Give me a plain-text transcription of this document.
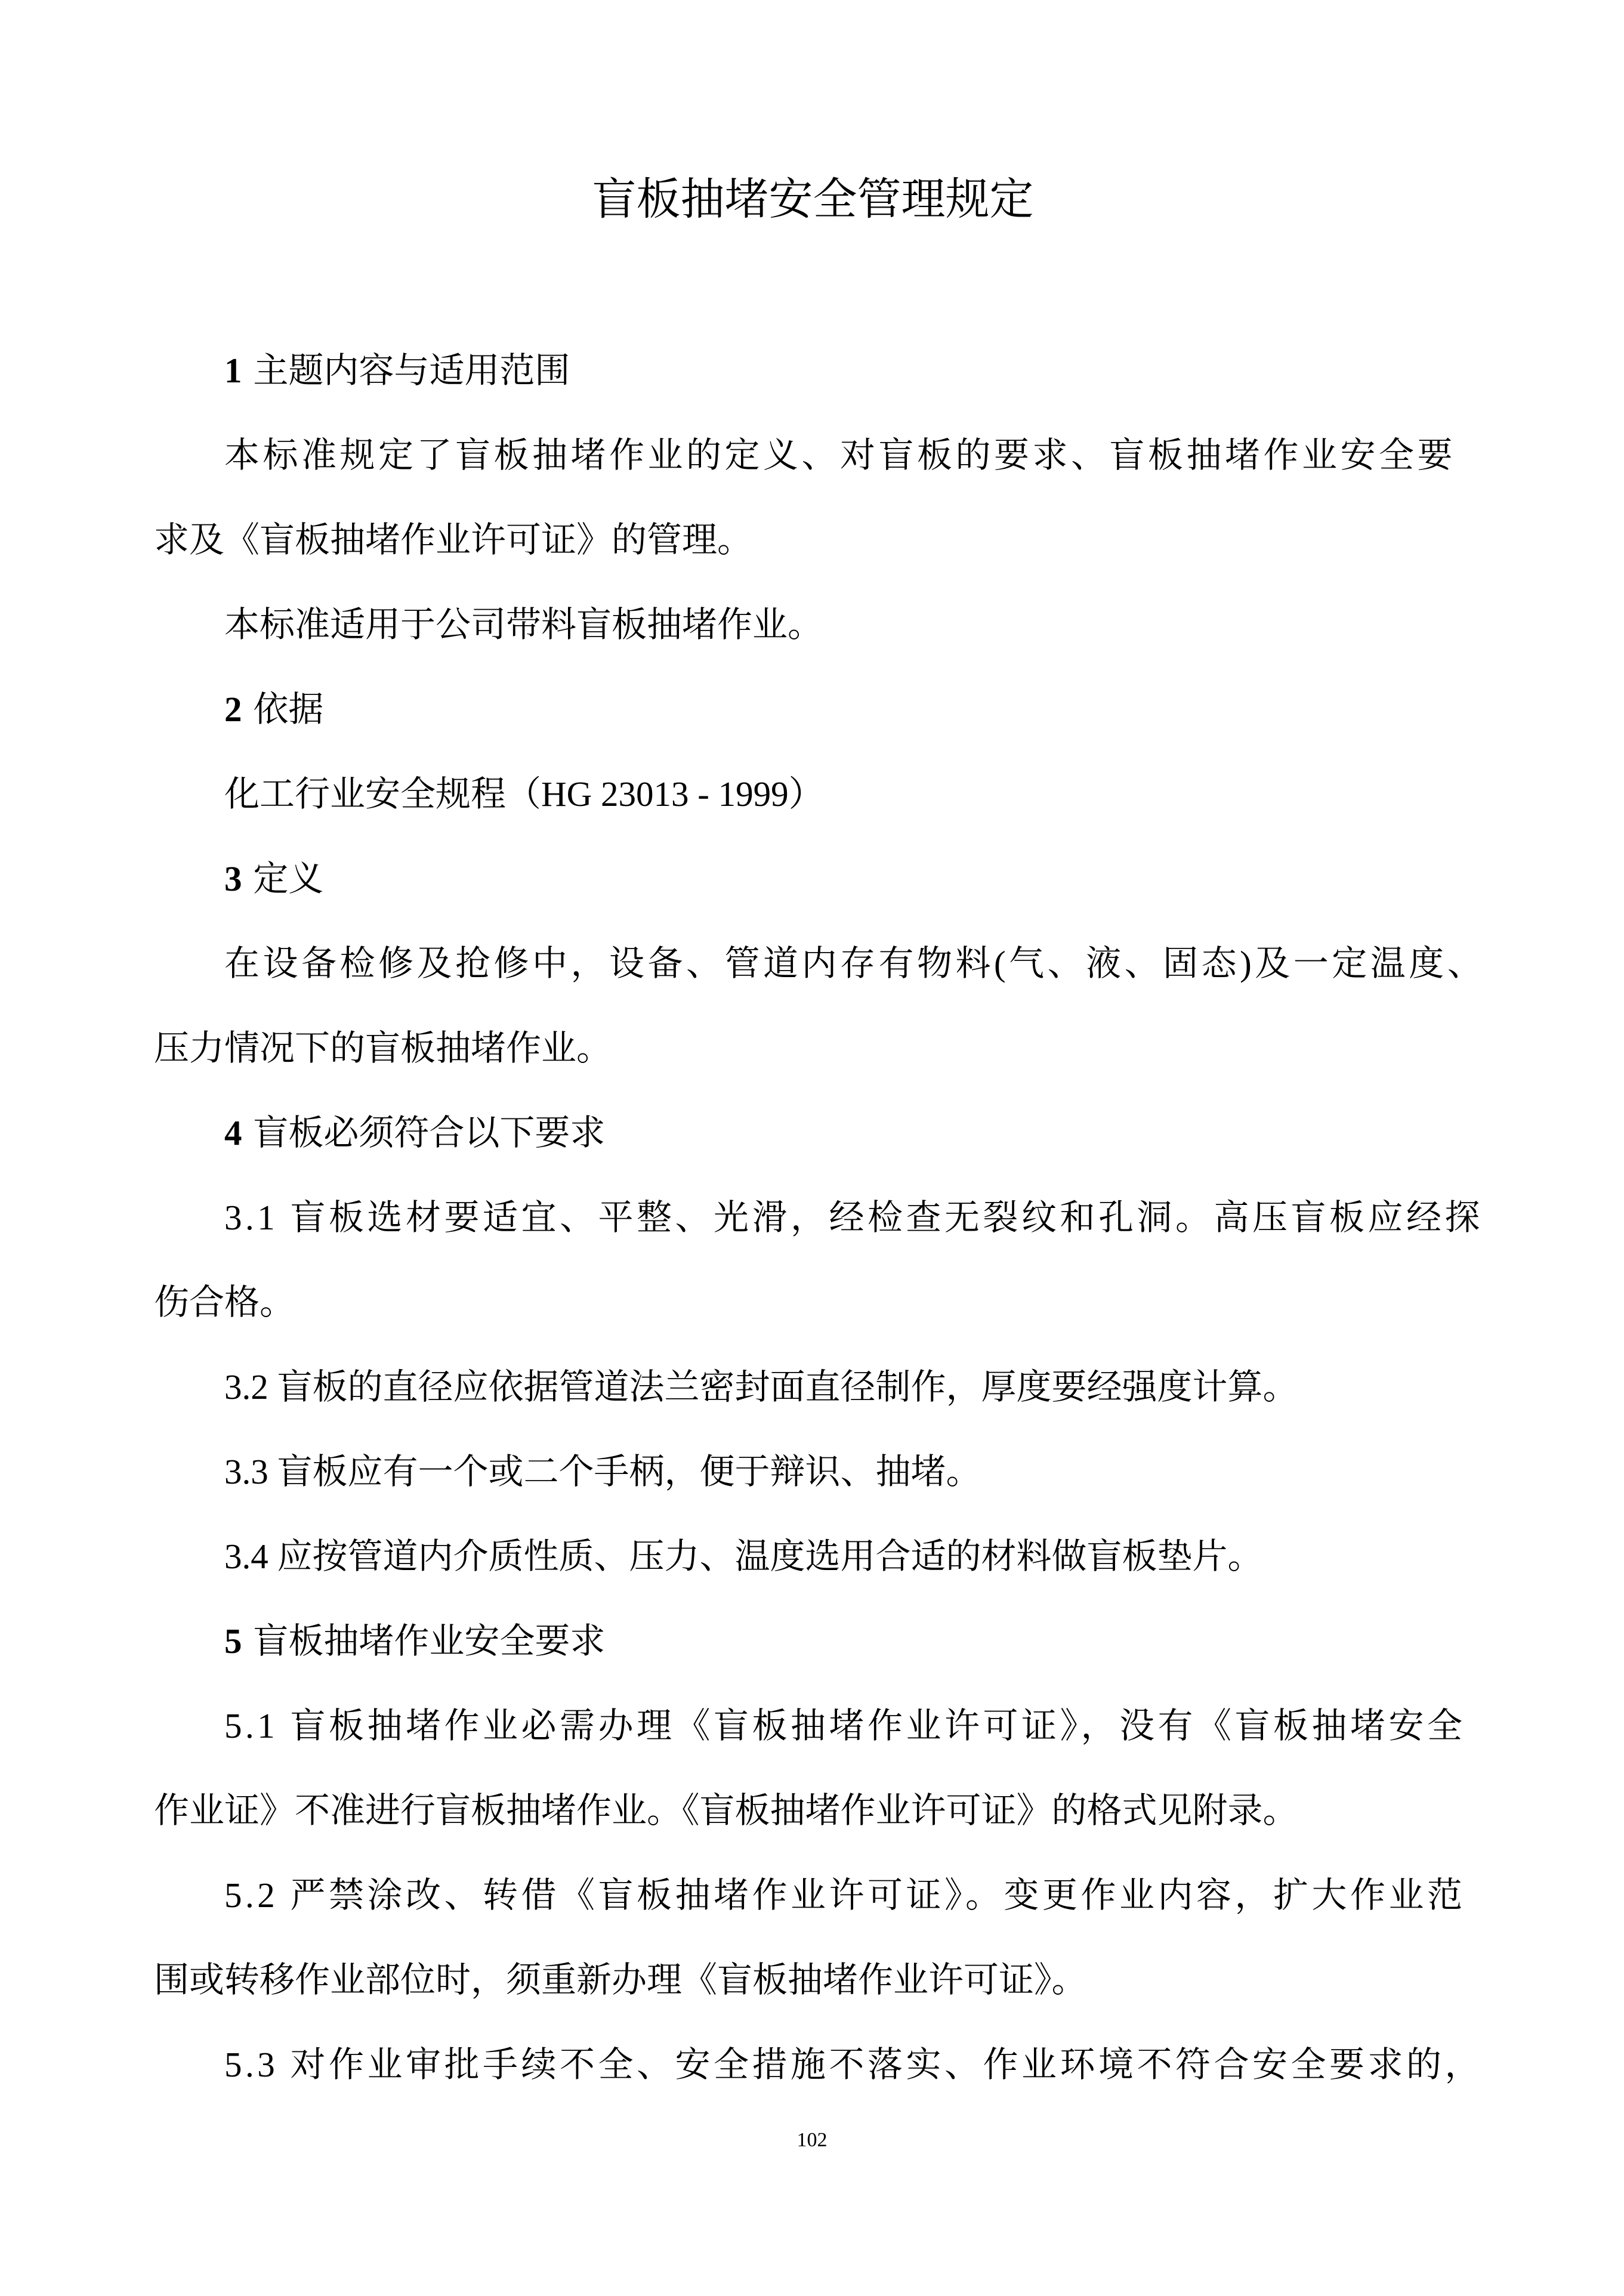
盲板抽堵安全管理规定
1 主题内容与适用范围
本标准规定了盲板抽堵作业的定义、对盲板的要求、盲板抽堵作业安全要
求及《盲板抽堵作业许可证》的管理。
本标准适用于公司带料盲板抽堵作业。
2 依据
化工行业安全规程（HG 23013 - 1999）
3 定义
在设备检修及抢修中，设备、管道内存有物料(气、液、固态)及一定温度、
压力情况下的盲板抽堵作业。
4 盲板必须符合以下要求
3.1 盲板选材要适宜、平整、光滑，经检查无裂纹和孔洞。高压盲板应经探
伤合格。
3.2 盲板的直径应依据管道法兰密封面直径制作，厚度要经强度计算。
3.3 盲板应有一个或二个手柄，便于辩识、抽堵。
3.4 应按管道内介质性质、压力、温度选用合适的材料做盲板垫片。
5 盲板抽堵作业安全要求
5.1 盲板抽堵作业必需办理《盲板抽堵作业许可证》，没有《盲板抽堵安全
作业证》不准进行盲板抽堵作业。《盲板抽堵作业许可证》的格式见附录。
5.2 严禁涂改、转借《盲板抽堵作业许可证》。变更作业内容，扩大作业范
围或转移作业部位时，须重新办理《盲板抽堵作业许可证》。
5.3 对作业审批手续不全、安全措施不落实、作业环境不符合安全要求的，
102
